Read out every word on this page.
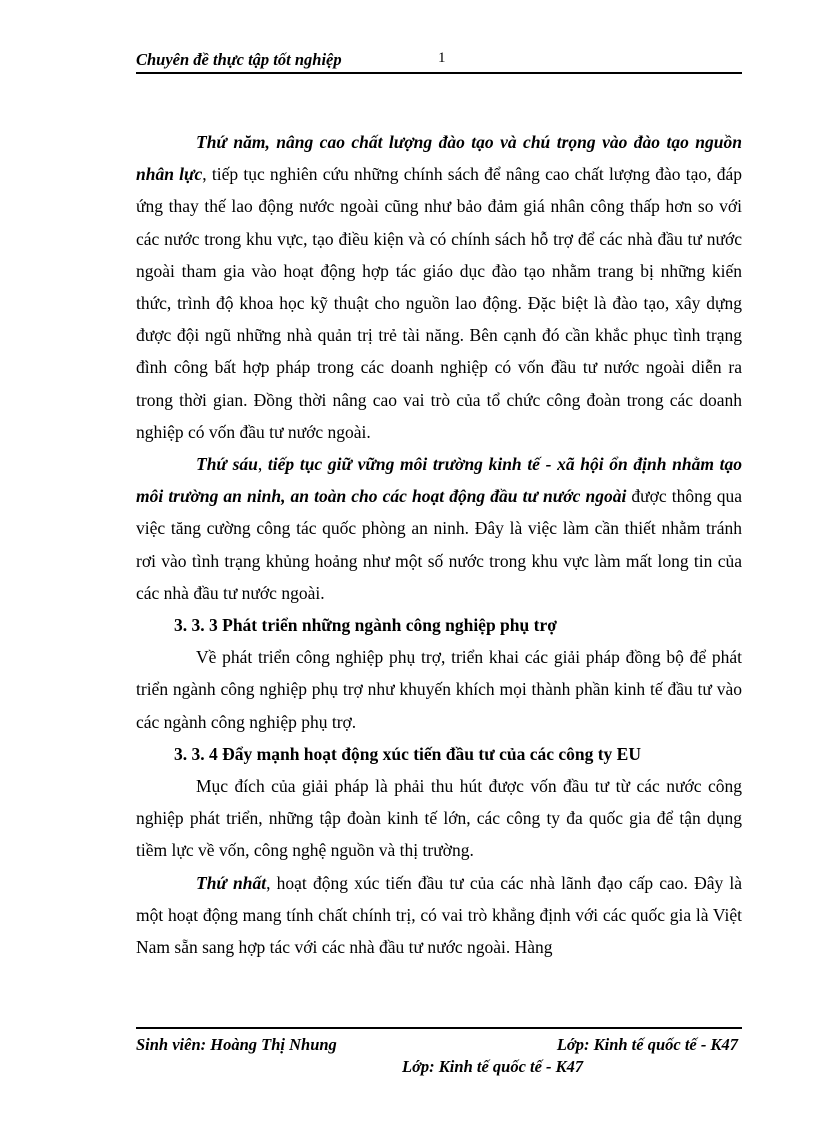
Chuyên đề thực tập tốt nghiệp	1

Thứ năm, nâng cao chất lượng đào tạo và chú trọng vào đào tạo nguồn nhân lực, tiếp tục nghiên cứu những chính sách để nâng cao chất lượng đào tạo, đáp ứng thay thế lao động nước ngoài cũng như bảo đảm giá nhân công thấp hơn so với các nước trong khu vực, tạo điều kiện và có chính sách hỗ trợ để các nhà đầu tư nước ngoài tham gia vào hoạt động hợp tác giáo dục đào tạo nhằm trang bị những kiến thức, trình độ khoa học kỹ thuật cho nguồn lao động. Đặc biệt là đào tạo, xây dựng được đội ngũ những nhà quản trị trẻ tài năng. Bên cạnh đó cần khắc phục tình trạng đình công bất hợp pháp trong các doanh nghiệp có vốn đầu tư nước ngoài diễn ra trong thời gian. Đồng thời nâng cao vai trò của tổ chức công đoàn trong các doanh nghiệp có vốn đầu tư nước ngoài.

Thứ sáu, tiếp tục giữ vững môi trường kinh tế - xã hội ổn định nhằm tạo môi trường an ninh, an toàn cho các hoạt động đầu tư nước ngoài được thông qua việc tăng cường công tác quốc phòng an ninh. Đây là việc làm cần thiết nhằm tránh rơi vào tình trạng khủng hoảng như một số nước trong khu vực làm mất long tin của các nhà đầu tư nước ngoài.

3. 3. 3 Phát triển những ngành công nghiệp phụ trợ

Về phát triển công nghiệp phụ trợ, triển khai các giải pháp đồng bộ để phát triển ngành công nghiệp phụ trợ như khuyến khích mọi thành phần kinh tế đầu tư vào các ngành công nghiệp phụ trợ.

3. 3. 4 Đẩy mạnh hoạt động xúc tiến đầu tư của các công ty EU

Mục đích của giải pháp là phải thu hút được vốn đầu tư từ các nước công nghiệp phát triển, những tập đoàn kinh tế lớn, các công ty đa quốc gia để tận dụng tiềm lực về vốn, công nghệ nguồn và thị trường.

Thứ nhất, hoạt động xúc tiến đầu tư của các nhà lãnh đạo cấp cao. Đây là một hoạt động mang tính chất chính trị, có vai trò khẳng định với các quốc gia là Việt Nam sẵn sang hợp tác với các nhà đầu tư nước ngoài. Hàng

Sinh viên: Hoàng Thị Nhung	Lớp: Kinh tế quốc tế - K47
Lớp: Kinh tế quốc tế - K47
